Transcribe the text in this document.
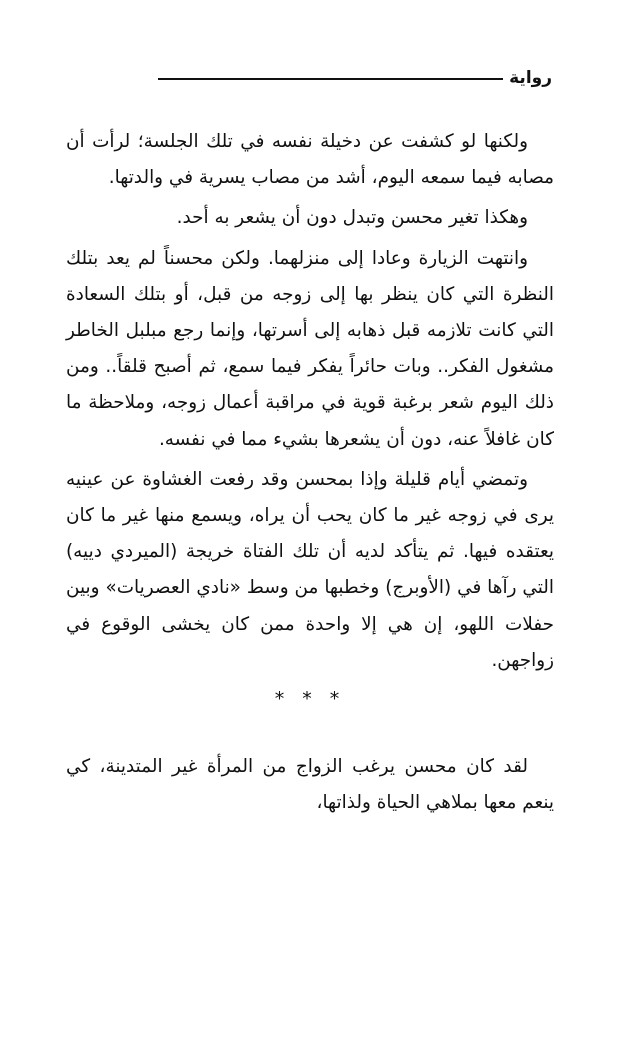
رواية

ولكنها لو كشفت عن دخيلة نفسه في تلك الجلسة؛ لرأت أن مصابه فيما سمعه اليوم، أشد من مصاب يسرية في والدتها.

وهكذا تغير محسن وتبدل دون أن يشعر به أحد.

وانتهت الزيارة وعادا إلى منزلهما. ولكن محسناً لم يعد بتلك النظرة التي كان ينظر بها إلى زوجه من قبل، أو بتلك السعادة التي كانت تلازمه قبل ذهابه إلى أسرتها، وإنما رجع مبلبل الخاطر مشغول الفكر.. وبات حائراً يفكر فيما سمع، ثم أصبح قلقاً.. ومن ذلك اليوم شعر برغبة قوية في مراقبة أعمال زوجه، وملاحظة ما كان غافلاً عنه، دون أن يشعرها بشيء مما في نفسه.

وتمضي أيام قليلة وإذا بمحسن وقد رفعت الغشاوة عن عينيه يرى في زوجه غير ما كان يحب أن يراه، ويسمع منها غير ما كان يعتقده فيها. ثم يتأكد لديه أن تلك الفتاة خريجة (الميردي دييه) التي رآها في (الأوبرج) وخطبها من وسط «نادي العصريات» وبين حفلات اللهو، إن هي إلا واحدة ممن كان يخشى الوقوع في زواجهن.

* * *

لقد كان محسن يرغب الزواج من المرأة غير المتدينة، كي ينعم معها بملاهي الحياة ولذاتها،
